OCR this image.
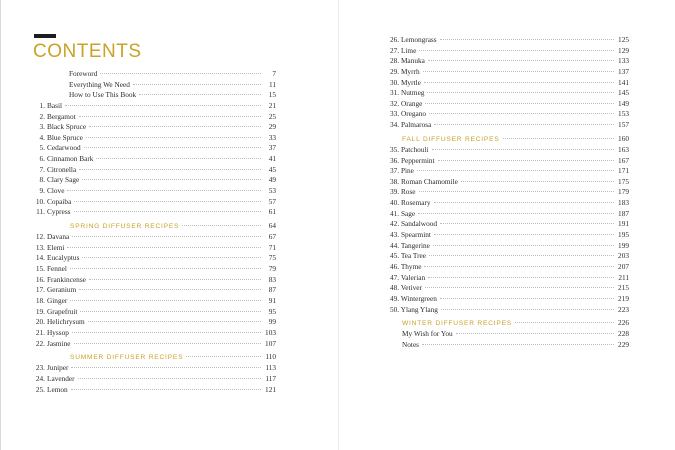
CONTENTS
Foreword	7
Everything We Need	11
How to Use This Book	15
1. Basil	21
2. Bergamot	25
3. Black Spruce	29
4. Blue Spruce	33
5. Cedarwood	37
6. Cinnamon Bark	41
7. Citronella	45
8. Clary Sage	49
9. Clove	53
10. Copaiba	57
11. Cypress	61
SPRING DIFFUSER RECIPES	64
12. Davana	67
13. Elemi	71
14. Eucalyptus	75
15. Fennel	79
16. Frankincense	83
17. Geranium	87
18. Ginger	91
19. Grapefruit	95
20. Helichrysum	99
21. Hyssop	103
22. Jasmine	107
SUMMER DIFFUSER RECIPES	110
23. Juniper	113
24. Lavender	117
25. Lemon	121
26. Lemongrass	125
27. Lime	129
28. Manuka	133
29. Myrrh	137
30. Myrtle	141
31. Nutmeg	145
32. Orange	149
33. Oregano	153
34. Palmarosa	157
FALL DIFFUSER RECIPES	160
35. Patchouli	163
36. Peppermint	167
37. Pine	171
38. Roman Chamomile	175
39. Rose	179
40. Rosemary	183
41. Sage	187
42. Sandalwood	191
43. Spearmint	195
44. Tangerine	199
45. Tea Tree	203
46. Thyme	207
47. Valerian	211
48. Vetiver	215
49. Wintergreen	219
50. Ylang Ylang	223
WINTER DIFFUSER RECIPES	226
My Wish for You	228
Notes	229
